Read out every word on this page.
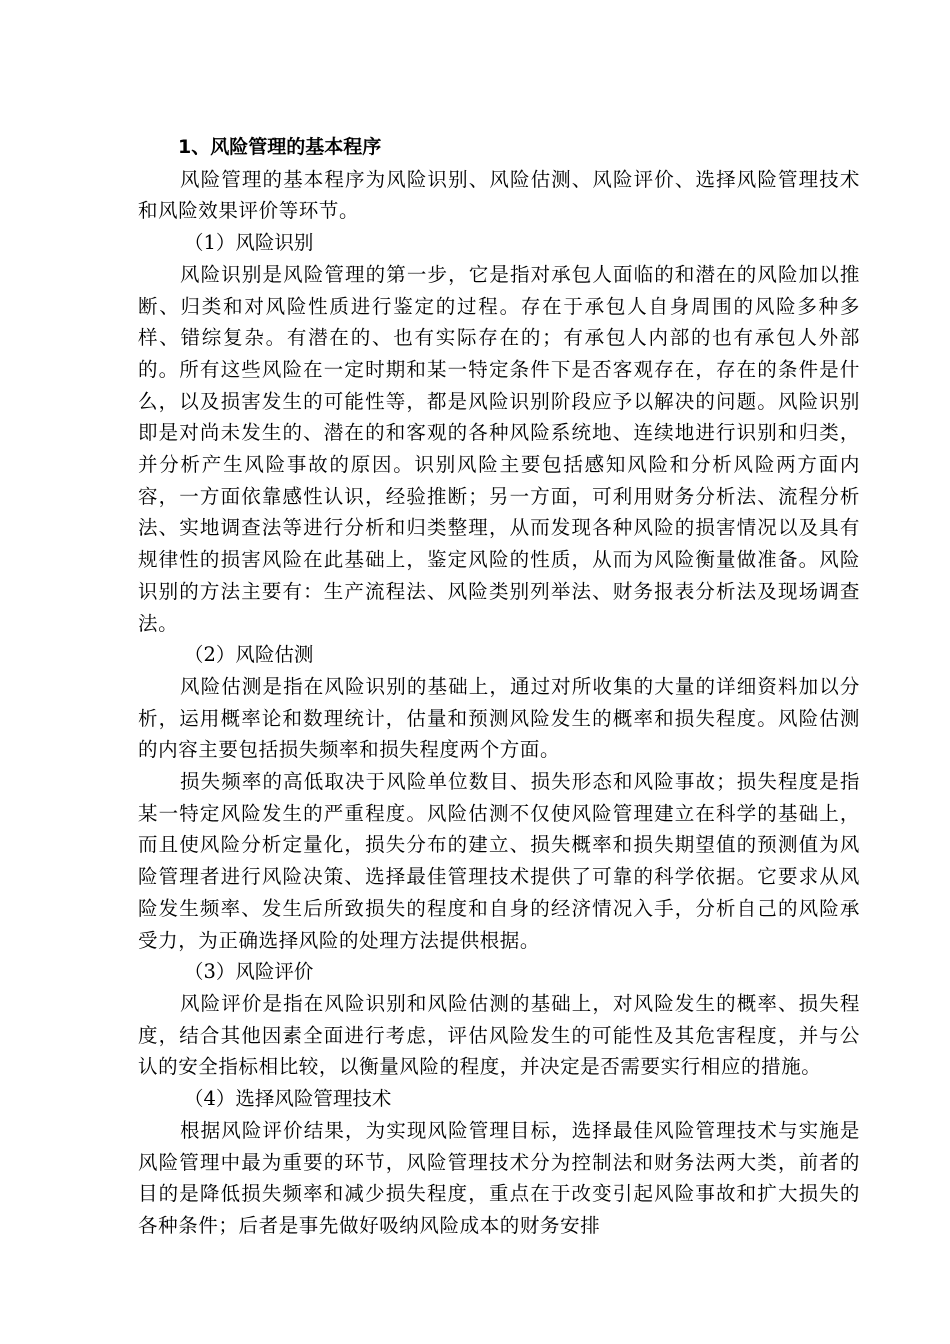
1、风险管理的基本程序

风险管理的基本程序为风险识别、风险估测、风险评价、选择风险管理技术和风险效果评价等环节。

（1）风险识别

风险识别是风险管理的第一步，它是指对承包人面临的和潜在的风险加以推断、归类和对风险性质进行鉴定的过程。存在于承包人自身周围的风险多种多样、错综复杂。有潜在的、也有实际存在的；有承包人内部的也有承包人外部的。所有这些风险在一定时期和某一特定条件下是否客观存在，存在的条件是什么，以及损害发生的可能性等，都是风险识别阶段应予以解决的问题。风险识别即是对尚未发生的、潜在的和客观的各种风险系统地、连续地进行识别和归类，并分析产生风险事故的原因。识别风险主要包括感知风险和分析风险两方面内容，一方面依靠感性认识，经验推断；另一方面，可利用财务分析法、流程分析法、实地调查法等进行分析和归类整理，从而发现各种风险的损害情况以及具有规律性的损害风险在此基础上，鉴定风险的性质，从而为风险衡量做准备。风险识别的方法主要有：生产流程法、风险类别列举法、财务报表分析法及现场调查法。

（2）风险估测

风险估测是指在风险识别的基础上，通过对所收集的大量的详细资料加以分析，运用概率论和数理统计，估量和预测风险发生的概率和损失程度。风险估测的内容主要包括损失频率和损失程度两个方面。

损失频率的高低取决于风险单位数目、损失形态和风险事故；损失程度是指某一特定风险发生的严重程度。风险估测不仅使风险管理建立在科学的基础上，而且使风险分析定量化，损失分布的建立、损失概率和损失期望值的预测值为风险管理者进行风险决策、选择最佳管理技术提供了可靠的科学依据。它要求从风险发生频率、发生后所致损失的程度和自身的经济情况入手，分析自己的风险承受力，为正确选择风险的处理方法提供根据。

（3）风险评价

风险评价是指在风险识别和风险估测的基础上，对风险发生的概率、损失程度，结合其他因素全面进行考虑，评估风险发生的可能性及其危害程度，并与公认的安全指标相比较，以衡量风险的程度，并决定是否需要实行相应的措施。

（4）选择风险管理技术

根据风险评价结果，为实现风险管理目标，选择最佳风险管理技术与实施是风险管理中最为重要的环节，风险管理技术分为控制法和财务法两大类，前者的目的是降低损失频率和减少损失程度，重点在于改变引起风险事故和扩大损失的各种条件；后者是事先做好吸纳风险成本的财务安排
